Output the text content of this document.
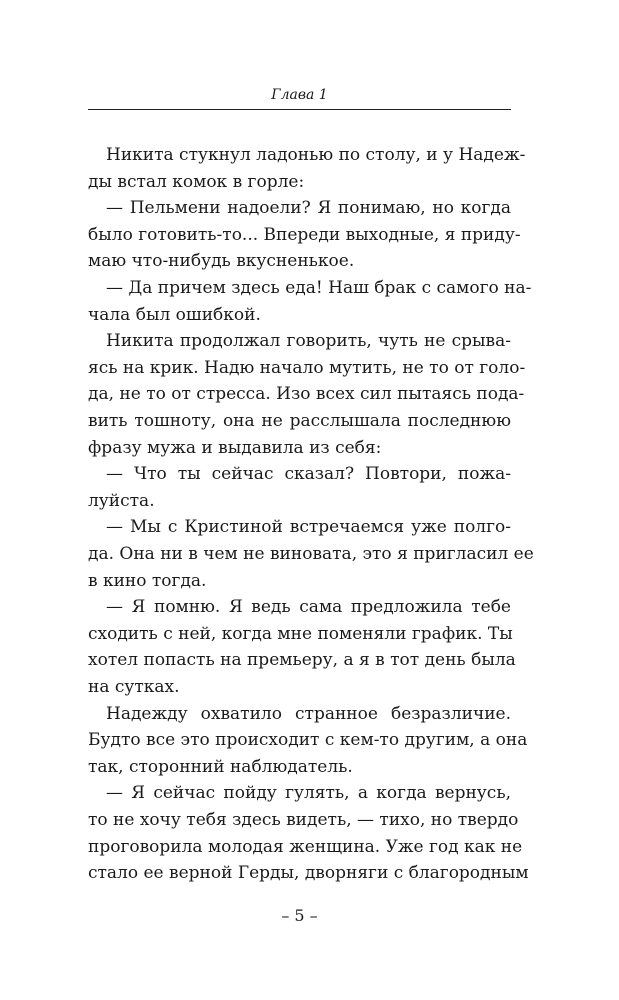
Глава 1
Никита стукнул ладонью по столу, и у Надеж-
ды встал комок в горле:
— Пельмени надоели? Я понимаю, но когда
было готовить-то... Впереди выходные, я приду-
маю что-нибудь вкусненькое.
— Да причем здесь еда! Наш брак с самого на-
чала был ошибкой.
Никита продолжал говорить, чуть не срыва-
ясь на крик. Надю начало мутить, не то от голо-
да, не то от стресса. Изо всех сил пытаясь пода-
вить тошноту, она не расслышала последнюю
фразу мужа и выдавила из себя:
— Что ты сейчас сказал? Повтори, пожа-
луйста.
— Мы с Кристиной встречаемся уже полго-
да. Она ни в чем не виновата, это я пригласил ее
в кино тогда.
— Я помню. Я ведь сама предложила тебе
сходить с ней, когда мне поменяли график. Ты
хотел попасть на премьеру, а я в тот день была
на сутках.
Надежду охватило странное безразличие.
Будто все это происходит с кем-то другим, а она
так, сторонний наблюдатель.
— Я сейчас пойду гулять, а когда вернусь,
то не хочу тебя здесь видеть, — тихо, но твердо
проговорила молодая женщина. Уже год как не
стало ее верной Герды, дворняги с благородным
– 5 –
